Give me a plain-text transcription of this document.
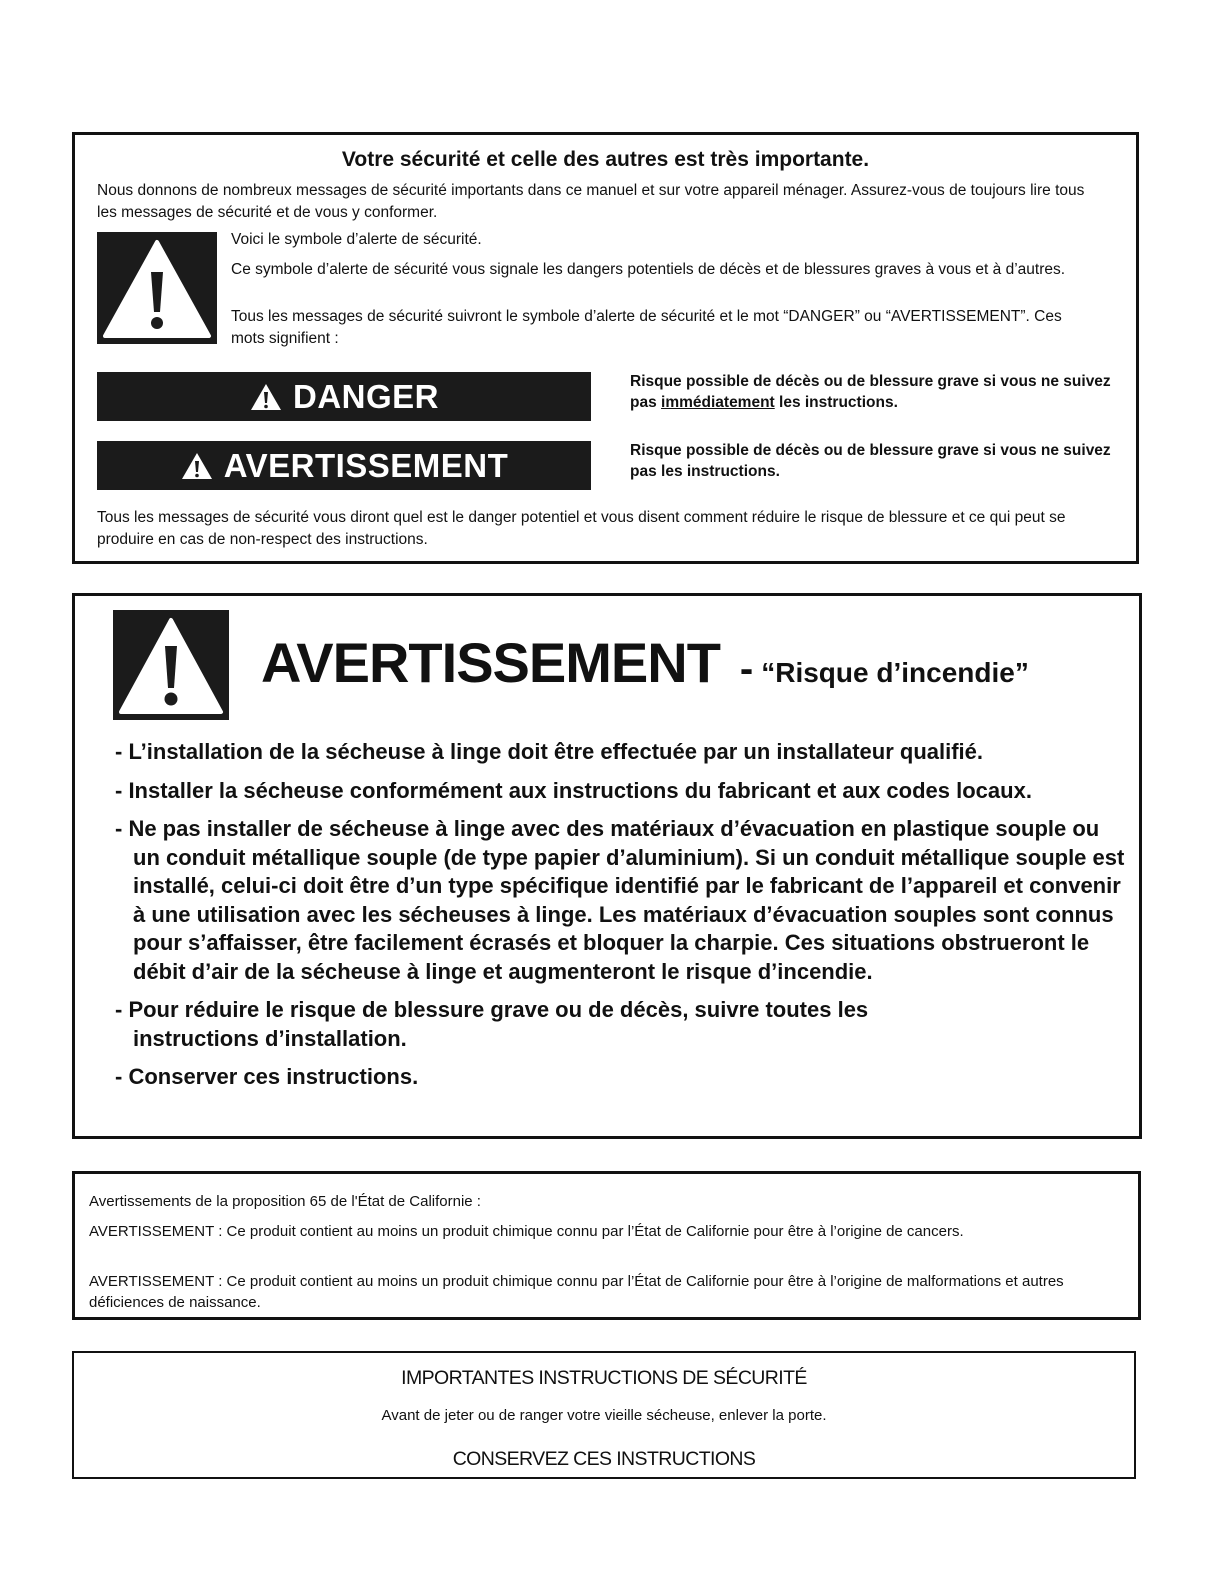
Votre sécurité et celle des autres est très importante.
Nous donnons de nombreux messages de sécurité importants dans ce manuel et sur votre appareil ménager. Assurez-vous de toujours lire tous les messages de sécurité et de vous y conformer.
Voici le symbole d’alerte de sécurité.
Ce symbole d’alerte de sécurité vous signale les dangers potentiels de décès et de blessures graves à vous et à d’autres.
Tous les messages de sécurité suivront le symbole d’alerte de sécurité et le mot “DANGER” ou “AVERTISSEMENT”. Ces mots signifient :
DANGER	Risque possible de décès ou de blessure grave si vous ne suivez pas immédiatement les instructions.
AVERTISSEMENT	Risque possible de décès ou de blessure grave si vous ne suivez pas les instructions.
Tous les messages de sécurité vous diront quel est le danger potentiel et vous disent comment réduire le risque de blessure et ce qui peut se produire en cas de non-respect des instructions.
AVERTISSEMENT - “Risque d’incendie”
- L’installation de la sécheuse à linge doit être effectuée par un installateur qualifié.
- Installer la sécheuse conformément aux instructions du fabricant et aux codes locaux.
- Ne pas installer de sécheuse à linge avec des matériaux d’évacuation en plastique souple ou un conduit métallique souple (de type papier d’aluminium). Si un conduit métallique souple est installé, celui-ci doit être d’un type spécifique identifié par le fabricant de l’appareil et convenir à une utilisation avec les sécheuses à linge. Les matériaux d’évacuation souples sont connus pour s’affaisser, être facilement écrasés et bloquer la charpie. Ces situations obstrueront le débit d’air de la sécheuse à linge et augmenteront le risque d’incendie.
- Pour réduire le risque de blessure grave ou de décès, suivre toutes les instructions d’installation.
- Conserver ces instructions.
Avertissements de la proposition 65 de l'État de Californie :
AVERTISSEMENT : Ce produit contient au moins un produit chimique connu par l’État de Californie pour être à l’origine de cancers.
AVERTISSEMENT : Ce produit contient au moins un produit chimique connu par l’État de Californie pour être à l’origine de malformations et autres déficiences de naissance.
IMPORTANTES INSTRUCTIONS DE SÉCURITÉ
Avant de jeter ou de ranger votre vieille sécheuse, enlever la porte.
CONSERVEZ CES INSTRUCTIONS
